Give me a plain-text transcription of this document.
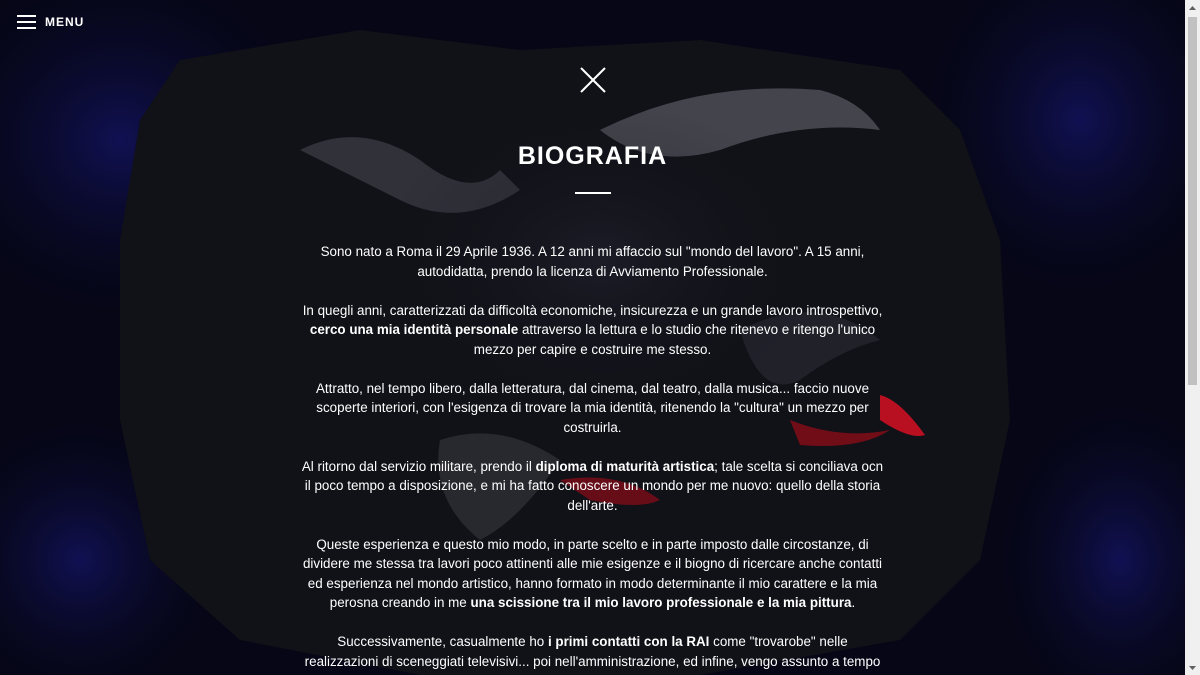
MENU
BIOGRAFIA

Sono nato a Roma il 29 Aprile 1936. A 12 anni mi affaccio sul "mondo del lavoro". A 15 anni, autodidatta, prendo la licenza di Avviamento Professionale.

In quegli anni, caratterizzati da difficoltà economiche, insicurezza e un grande lavoro introspettivo, cerco una mia identità personale attraverso la lettura e lo studio che ritenevo e ritengo l'unico mezzo per capire e costruire me stesso.

Attratto, nel tempo libero, dalla letteratura, dal cinema, dal teatro, dalla musica... faccio nuove scoperte interiori, con l'esigenza di trovare la mia identità, ritenendo la "cultura" un mezzo per costruirla.

Al ritorno dal servizio militare, prendo il diploma di maturità artistica; tale scelta si conciliava ocn il poco tempo a disposizione, e mi ha fatto conoscere un mondo per me nuovo: quello della storia dell'arte.

Queste esperienza e questo mio modo, in parte scelto e in parte imposto dalle circostanze, di dividere me stessa tra lavori poco attinenti alle mie esigenze e il biogno di ricercare anche contatti ed esperienza nel mondo artistico, hanno formato in modo determinante il mio carattere e la mia perosna creando in me una scissione tra il mio lavoro professionale e la mia pittura.

Successivamente, casualmente ho i primi contatti con la RAI come "trovarobe" nelle realizzazioni di sceneggiati televisivi... poi nell'amministrazione, ed infine, vengo assunto a tempo
